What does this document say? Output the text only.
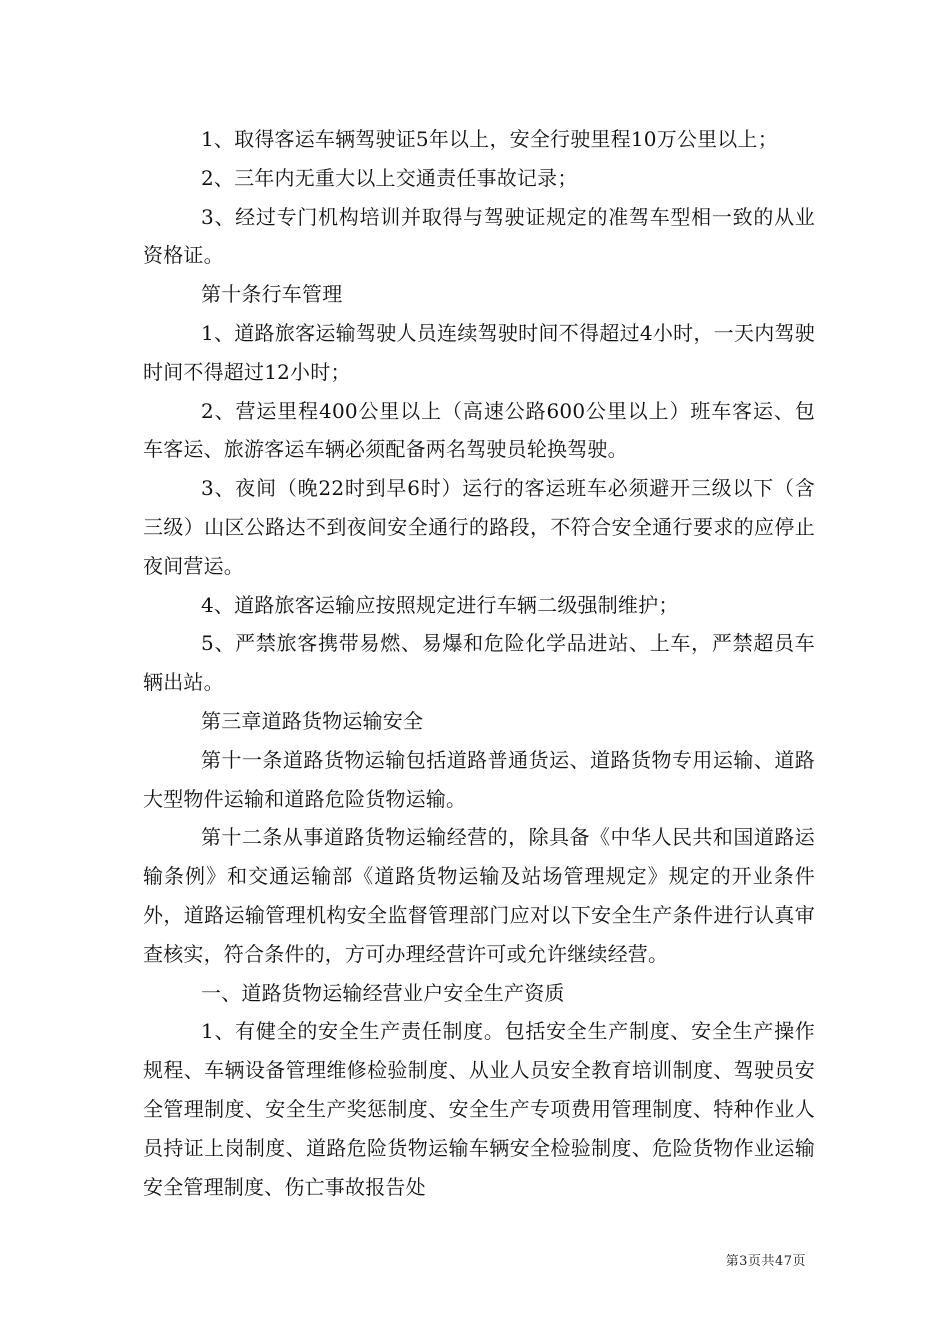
1、取得客运车辆驾驶证5年以上，安全行驶里程10万公里以上；

2、三年内无重大以上交通责任事故记录；

3、经过专门机构培训并取得与驾驶证规定的准驾车型相一致的从业资格证。

第十条行车管理

1、道路旅客运输驾驶人员连续驾驶时间不得超过4小时，一天内驾驶时间不得超过12小时；

2、营运里程400公里以上（高速公路600公里以上）班车客运、包车客运、旅游客运车辆必须配备两名驾驶员轮换驾驶。

3、夜间（晚22时到早6时）运行的客运班车必须避开三级以下（含三级）山区公路达不到夜间安全通行的路段，不符合安全通行要求的应停止夜间营运。

4、道路旅客运输应按照规定进行车辆二级强制维护；

5、严禁旅客携带易燃、易爆和危险化学品进站、上车，严禁超员车辆出站。

第三章道路货物运输安全

第十一条道路货物运输包括道路普通货运、道路货物专用运输、道路大型物件运输和道路危险货物运输。

第十二条从事道路货物运输经营的，除具备《中华人民共和国道路运输条例》和交通运输部《道路货物运输及站场管理规定》规定的开业条件外，道路运输管理机构安全监督管理部门应对以下安全生产条件进行认真审查核实，符合条件的，方可办理经营许可或允许继续经营。

一、道路货物运输经营业户安全生产资质

1、有健全的安全生产责任制度。包括安全生产制度、安全生产操作规程、车辆设备管理维修检验制度、从业人员安全教育培训制度、驾驶员安全管理制度、安全生产奖惩制度、安全生产专项费用管理制度、特种作业人员持证上岗制度、道路危险货物运输车辆安全检验制度、危险货物作业运输安全管理制度、伤亡事故报告处

第3页共47页
